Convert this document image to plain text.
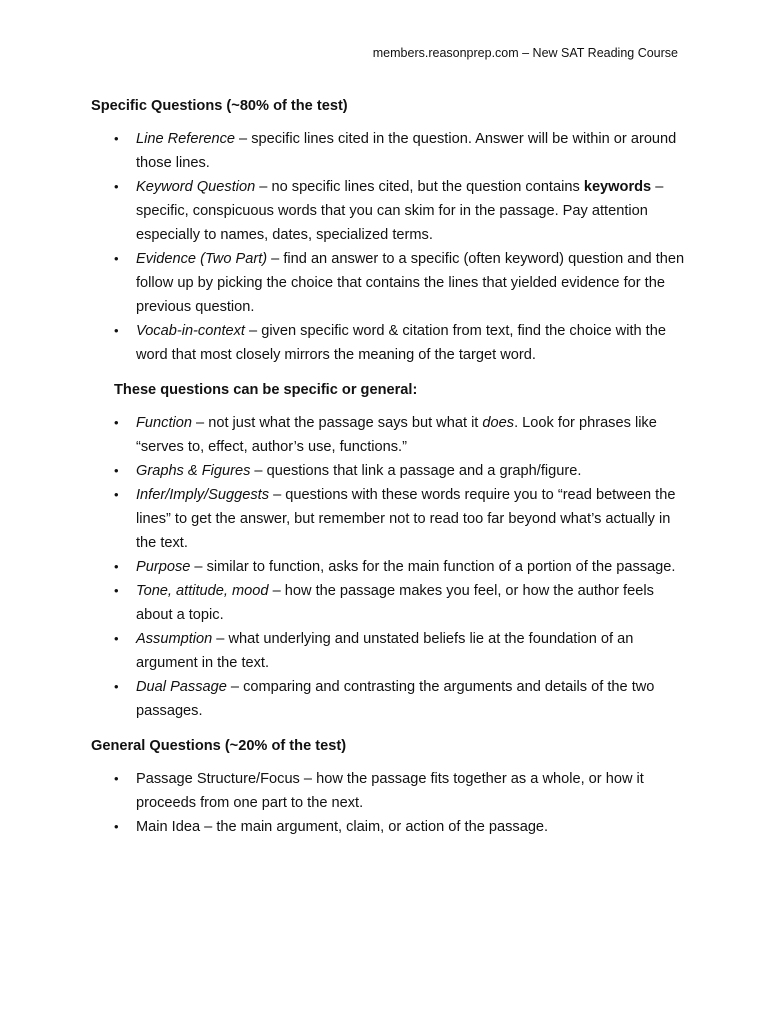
members.reasonprep.com – New SAT Reading Course
Specific Questions (~80% of the test)
• Line Reference – specific lines cited in the question. Answer will be within or around those lines.
• Keyword Question – no specific lines cited, but the question contains keywords – specific, conspicuous words that you can skim for in the passage. Pay attention especially to names, dates, specialized terms.
• Evidence (Two Part) – find an answer to a specific (often keyword) question and then follow up by picking the choice that contains the lines that yielded evidence for the previous question.
• Vocab-in-context – given specific word & citation from text, find the choice with the word that most closely mirrors the meaning of the target word.
These questions can be specific or general:
• Function – not just what the passage says but what it does. Look for phrases like “serves to, effect, author’s use, functions.”
• Graphs & Figures – questions that link a passage and a graph/figure.
• Infer/Imply/Suggests – questions with these words require you to “read between the lines” to get the answer, but remember not to read too far beyond what’s actually in the text.
• Purpose – similar to function, asks for the main function of a portion of the passage.
• Tone, attitude, mood – how the passage makes you feel, or how the author feels about a topic.
• Assumption – what underlying and unstated beliefs lie at the foundation of an argument in the text.
• Dual Passage – comparing and contrasting the arguments and details of the two passages.
General Questions (~20% of the test)
• Passage Structure/Focus – how the passage fits together as a whole, or how it proceeds from one part to the next.
• Main Idea – the main argument, claim, or action of the passage.
